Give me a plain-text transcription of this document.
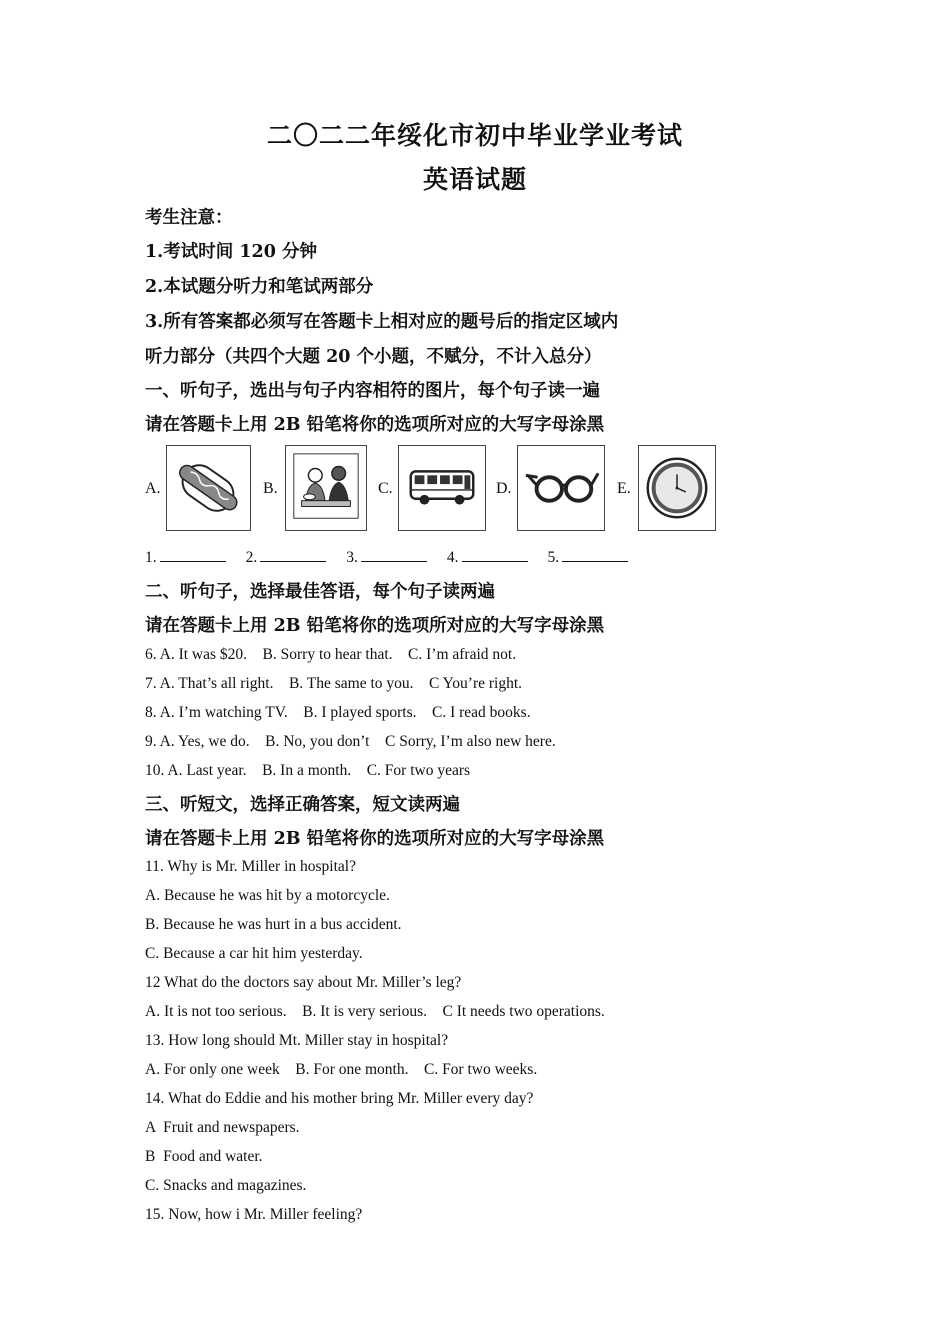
二〇二二年绥化市初中毕业学业考试
英语试题
考生注意：
1.考试时间 120 分钟
2.本试题分听力和笔试两部分
3.所有答案都必须写在答题卡上相对应的题号后的指定区域内
听力部分（共四个大题 20 个小题，不赋分，不计入总分）
一、听句子，选出与句子内容相符的图片，每个句子读一遍
请在答题卡上用 2B 铅笔将你的选项所对应的大写字母涂黑
A.	B.	C.	D.	E.
1.	2.	3.	4.	5.
二、听句子，选择最佳答语，每个句子读两遍
请在答题卡上用 2B 铅笔将你的选项所对应的大写字母涂黑
6. A. It was $20.    B. Sorry to hear that.    C. I’m afraid not.
7. A. That’s all right.    B. The same to you.    C You’re right.
8. A. I’m watching TV.    B. I played sports.    C. I read books.
9. A. Yes, we do.    B. No, you don’t    C Sorry, I’m also new here.
10. A. Last year.    B. In a month.    C. For two years
三、听短文，选择正确答案，短文读两遍
请在答题卡上用 2B 铅笔将你的选项所对应的大写字母涂黑
11. Why is Mr. Miller in hospital?
A. Because he was hit by a motorcycle.
B. Because he was hurt in a bus accident.
C. Because a car hit him yesterday.
12 What do the doctors say about Mr. Miller’s leg?
A. It is not too serious.    B. It is very serious.    C It needs two operations.
13. How long should Mt. Miller stay in hospital?
A. For only one week    B. For one month.    C. For two weeks.
14. What do Eddie and his mother bring Mr. Miller every day?
A  Fruit and newspapers.
B  Food and water.
C. Snacks and magazines.
15. Now, how i Mr. Miller feeling?
